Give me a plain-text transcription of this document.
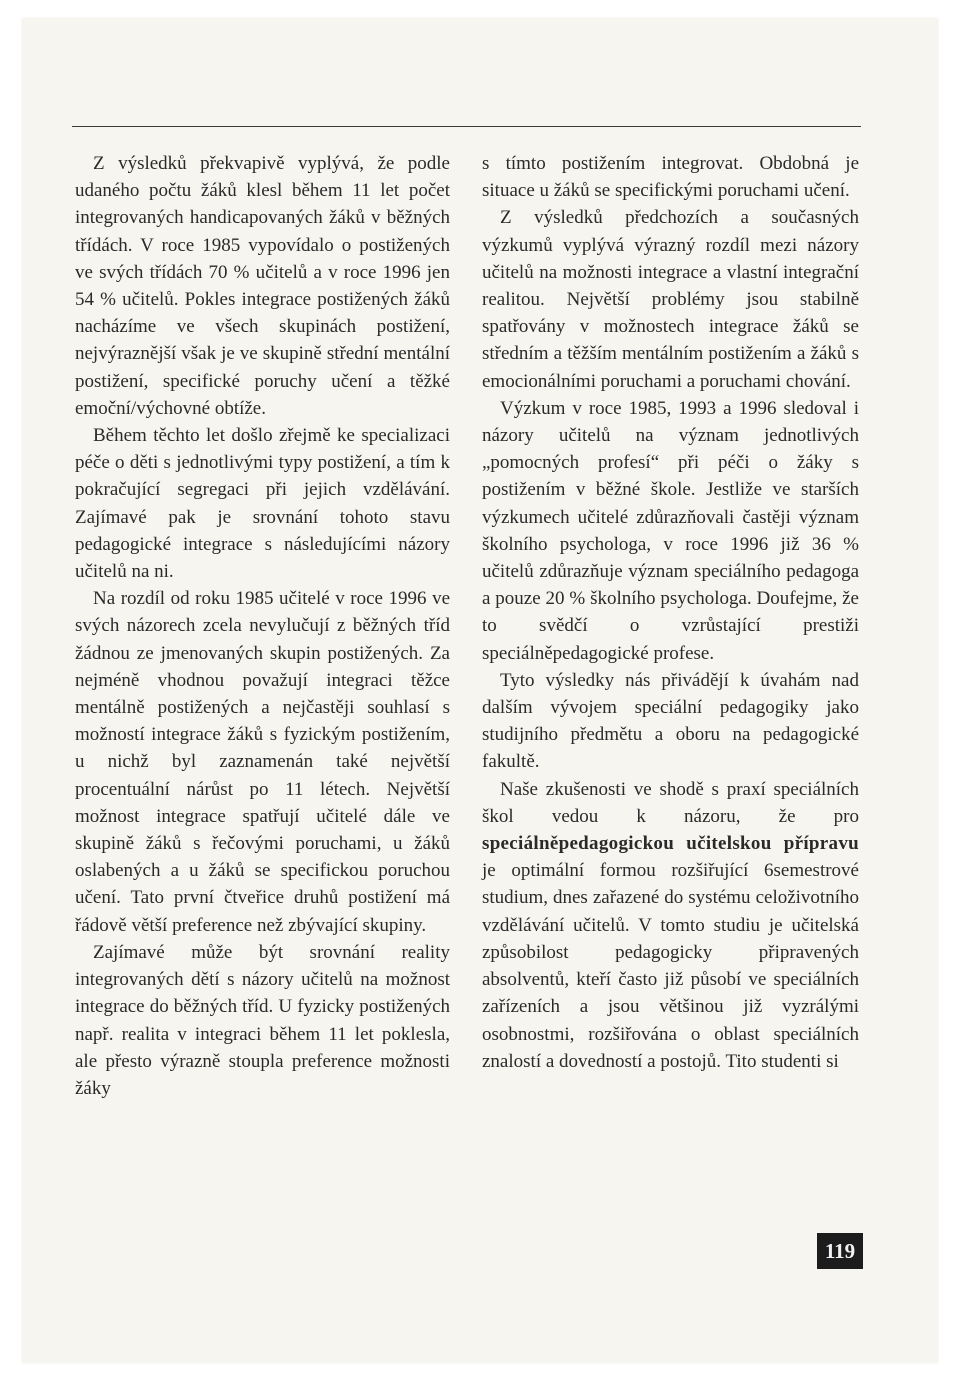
Z výsledků překvapivě vyplývá, že podle udaného počtu žáků klesl během 11 let počet integrovaných handicapovaných žáků v běžných třídách. V roce 1985 vypovídalo o postižených ve svých třídách 70 % učitelů a v roce 1996 jen 54 % učitelů. Pokles integrace postižených žáků nacházíme ve všech skupinách postižení, nejvýraznější však je ve skupině střední mentální postižení, specifické poruchy učení a těžké emoční/výchovné obtíže.

Během těchto let došlo zřejmě ke specializaci péče o děti s jednotlivými typy postižení, a tím k pokračující segregaci při jejich vzdělávání. Zajímavé pak je srovnání tohoto stavu pedagogické integrace s následujícími názory učitelů na ni.

Na rozdíl od roku 1985 učitelé v roce 1996 ve svých názorech zcela nevylučují z běžných tříd žádnou ze jmenovaných skupin postižených. Za nejméně vhodnou považují integraci těžce mentálně postižených a nejčastěji souhlasí s možností integrace žáků s fyzickým postižením, u nichž byl zaznamenán také největší procentuální nárůst po 11 létech. Největší možnost integrace spatřují učitelé dále ve skupině žáků s řečovými poruchami, u žáků oslabených a u žáků se specifickou poruchou učení. Tato první čtveřice druhů postižení má řádově větší preference než zbývající skupiny.

Zajímavé může být srovnání reality integrovaných dětí s názory učitelů na možnost integrace do běžných tříd. U fyzicky postižených např. realita v integraci během 11 let poklesla, ale přesto výrazně stoupla preference možnosti žáky

s tímto postižením integrovat. Obdobná je situace u žáků se specifickými poruchami učení.

Z výsledků předchozích a současných výzkumů vyplývá výrazný rozdíl mezi názory učitelů na možnosti integrace a vlastní integrační realitou. Největší problémy jsou stabilně spatřovány v možnostech integrace žáků se středním a těžším mentálním postižením a žáků s emocionálními poruchami a poruchami chování.

Výzkum v roce 1985, 1993 a 1996 sledoval i názory učitelů na význam jednotlivých „pomocných profesí“ při péči o žáky s postižením v běžné škole. Jestliže ve starších výzkumech učitelé zdůrazňovali častěji význam školního psychologa, v roce 1996 již 36 % učitelů zdůrazňuje význam speciálního pedagoga a pouze 20 % školního psychologa. Doufejme, že to svědčí o vzrůstající prestiži speciálněpedagogické profese.

Tyto výsledky nás přivádějí k úvahám nad dalším vývojem speciální pedagogiky jako studijního předmětu a oboru na pedagogické fakultě.

Naše zkušenosti ve shodě s praxí speciálních škol vedou k názoru, že pro speciálněpedagogickou učitelskou přípravu je optimální formou rozšiřující 6semestrové studium, dnes zařazené do systému celoživotního vzdělávání učitelů. V tomto studiu je učitelská způsobilost pedagogicky připravených absolventů, kteří často již působí ve speciálních zařízeních a jsou většinou již vyzrálými osobnostmi, rozšiřována o oblast speciálních znalostí a dovedností a postojů. Tito studenti si

119
